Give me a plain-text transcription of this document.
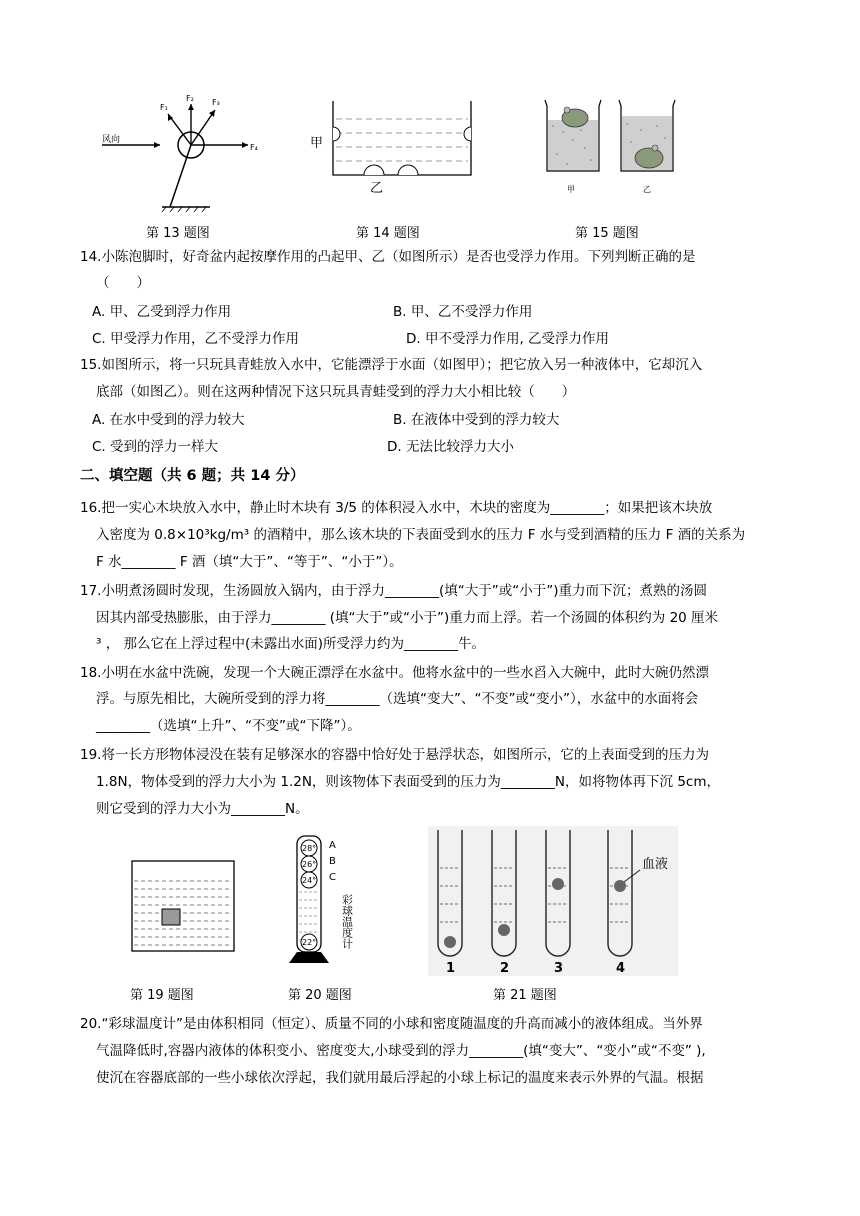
风向
F₁
F₂ F₃
F₄	甲
乙	甲	乙
第 13 题图	第 14 题图	第 15 题图
14.小陈泡脚时，好奇盆内起按摩作用的凸起甲、乙（如图所示）是否也受浮力作用。下列判断正确的是
（　　）
A. 甲、乙受到浮力作用	B. 甲、乙不受浮力作用
C. 甲受浮力作用，乙不受浮力作用	D. 甲不受浮力作用, 乙受浮力作用
15.如图所示，将一只玩具青蛙放入水中，它能漂浮于水面（如图甲）；把它放入另一种液体中，它却沉入
底部（如图乙）。则在这两种情况下这只玩具青蛙受到的浮力大小相比较（　　）
A. 在水中受到的浮力较大	B. 在液体中受到的浮力较大
C. 受到的浮力一样大	D. 无法比较浮力大小
二、填空题（共 6 题；共 14 分）
16.把一实心木块放入水中，静止时木块有 3/5 的体积浸入水中，木块的密度为________；如果把该木块放
入密度为 0.8×10³kg/m³ 的酒精中，那么该木块的下表面受到水的压力 F 水与受到酒精的压力 F 酒的关系为
F 水________ F 酒（填“大于”、“等于”、“小于”）。
17.小明煮汤圆时发现，生汤圆放入锅内，由于浮力________(填“大于”或“小于”)重力而下沉；煮熟的汤圆
因其内部受热膨胀，由于浮力________ (填“大于”或“小于”)重力而上浮。若一个汤圆的体积约为 20 厘米
³ ， 那么它在上浮过程中(未露出水面)所受浮力约为________牛。
18.小明在水盆中洗碗，发现一个大碗正漂浮在水盆中。他将水盆中的一些水舀入大碗中，此时大碗仍然漂
浮。与原先相比，大碗所受到的浮力将________（选填“变大”、“不变”或“变小”），水盆中的水面将会
________（选填“上升”、“不变”或“下降”）。
19.将一长方形物体浸没在装有足够深水的容器中恰好处于悬浮状态，如图所示，它的上表面受到的压力为
1.8N，物体受到的浮力大小为 1.2N，则该物体下表面受到的压力为________N，如将物体再下沉 5cm，
则它受到的浮力大小为________N。
28°
26°
24°
22°
A
B
C
彩球温度计
血液
1	2	3	4
第 19 题图	第 20 题图	第 21 题图
20.“彩球温度计”是由体积相同（恒定）、质量不同的小球和密度随温度的升高而减小的液体组成。当外界
气温降低时,容器内液体的体积变小、密度变大,小球受到的浮力________(填“变大”、“变小”或“不变” ),
使沉在容器底部的一些小球依次浮起，我们就用最后浮起的小球上标记的温度来表示外界的气温。根据
